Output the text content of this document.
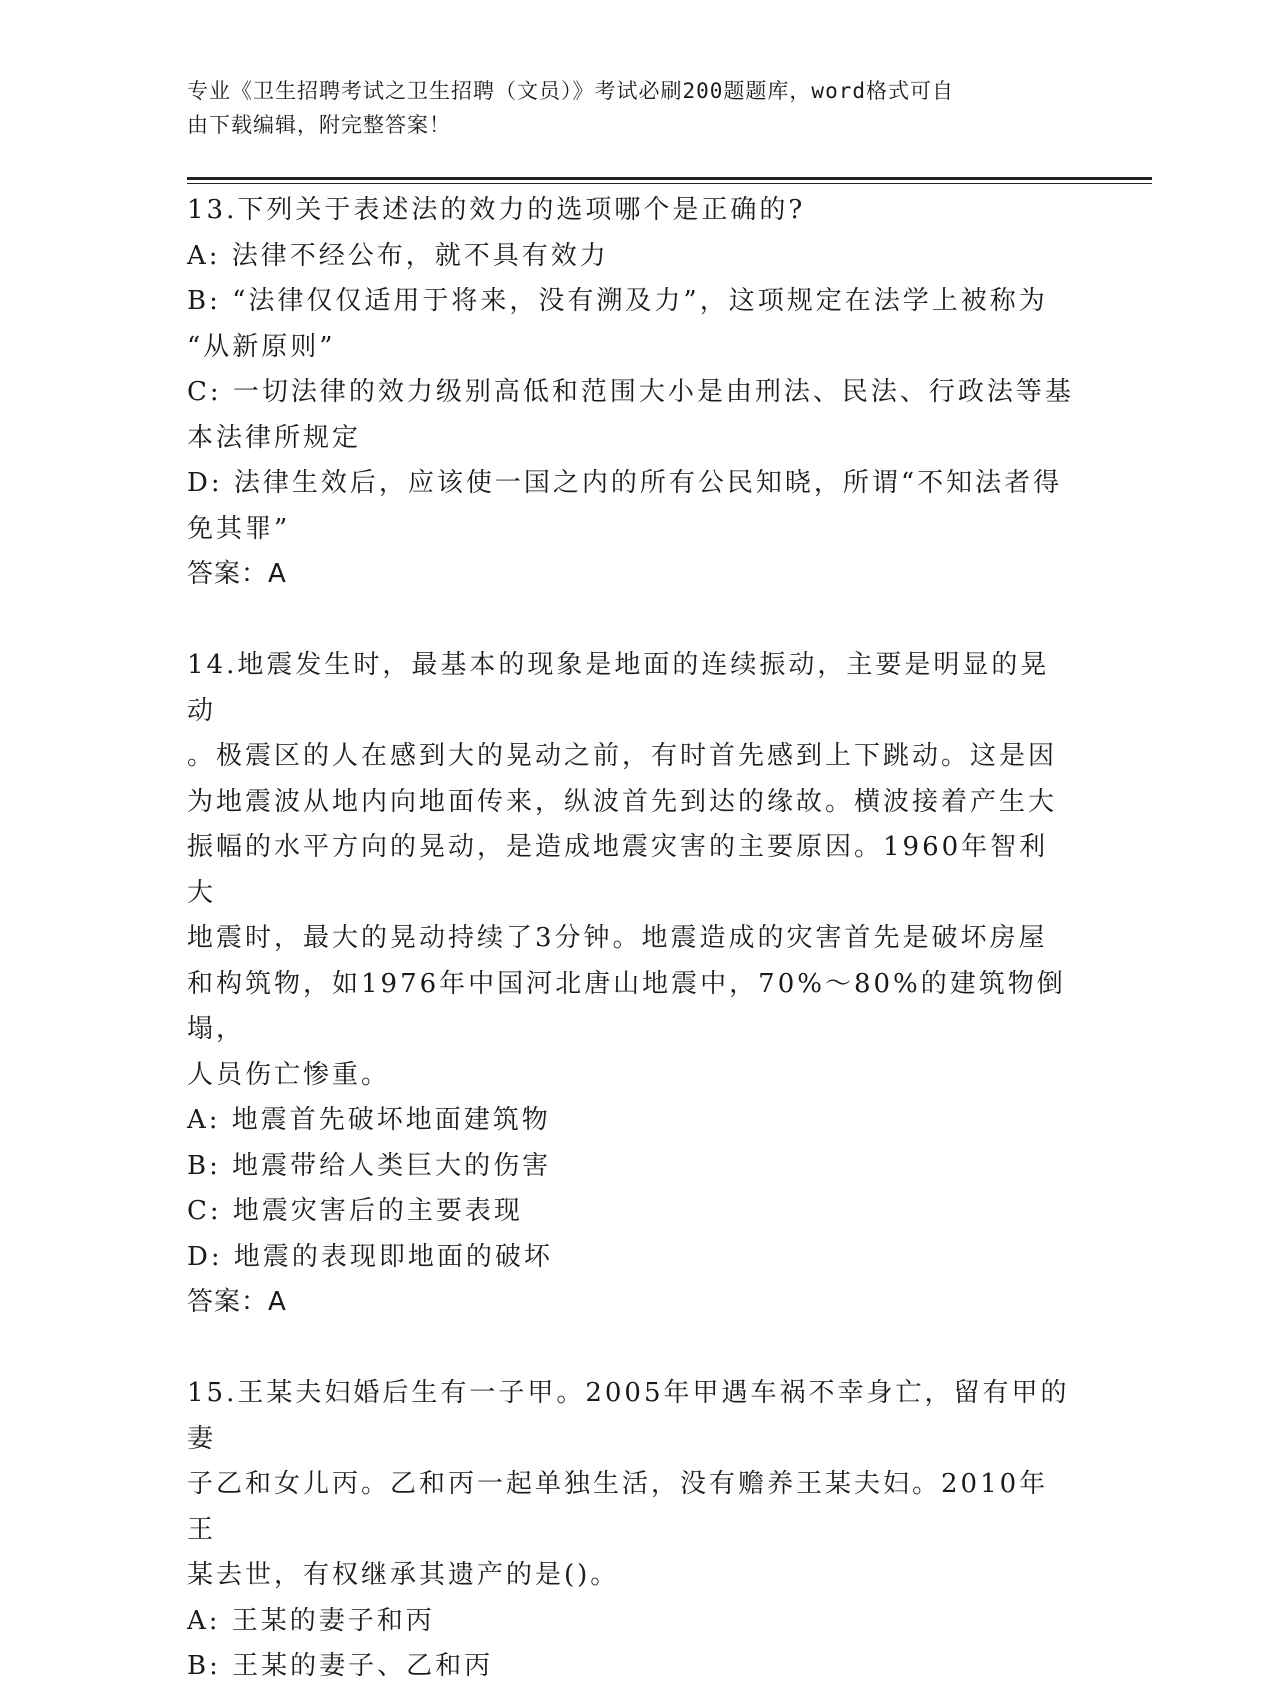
专业《卫生招聘考试之卫生招聘（文员）》考试必刷200题题库，word格式可自
由下载编辑，附完整答案！

13.下列关于表述法的效力的选项哪个是正确的?

A: 法律不经公布，就不具有效力

B: “法律仅仅适用于将来，没有溯及力”，这项规定在法学上被称为

“从新原则”

C: 一切法律的效力级别高低和范围大小是由刑法、民法、行政法等基

本法律所规定

D: 法律生效后，应该使一国之内的所有公民知晓，所谓“不知法者得

免其罪”

答案：A

14.地震发生时，最基本的现象是地面的连续振动，主要是明显的晃动

。极震区的人在感到大的晃动之前，有时首先感到上下跳动。这是因

为地震波从地内向地面传来，纵波首先到达的缘故。横波接着产生大

振幅的水平方向的晃动，是造成地震灾害的主要原因。1960年智利大

地震时，最大的晃动持续了3分钟。地震造成的灾害首先是破坏房屋

和构筑物，如1976年中国河北唐山地震中，70%～80%的建筑物倒塌，

人员伤亡惨重。

A: 地震首先破坏地面建筑物

B: 地震带给人类巨大的伤害

C: 地震灾害后的主要表现

D: 地震的表现即地面的破坏

答案：A

15.王某夫妇婚后生有一子甲。2005年甲遇车祸不幸身亡，留有甲的妻

子乙和女儿丙。乙和丙一起单独生活，没有赡养王某夫妇。2010年王

某去世，有权继承其遗产的是()。

A: 王某的妻子和丙

B: 王某的妻子、乙和丙
